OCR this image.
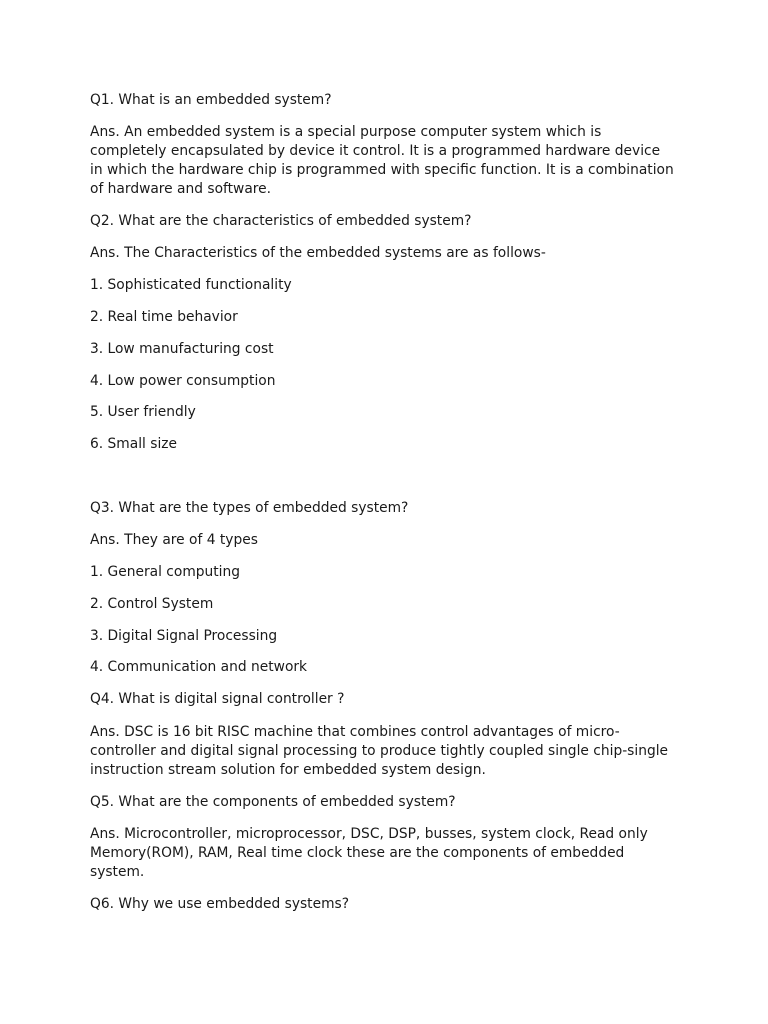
Q1. What is an embedded system?

Ans. An embedded system is a special purpose computer system which is
completely encapsulated by device it control. It is a programmed hardware device
in which the hardware chip is programmed with specific function. It is a combination
of hardware and software.

Q2. What are the characteristics of embedded system?

Ans. The Characteristics of the embedded systems are as follows-

1. Sophisticated functionality

2. Real time behavior

3. Low manufacturing cost

4. Low power consumption

5. User friendly

6. Small size

Q3. What are the types of embedded system?

Ans. They are of 4 types

1. General computing

2. Control System

3. Digital Signal Processing

4. Communication and network

Q4. What is digital signal controller ?

Ans. DSC is 16 bit RISC machine that combines control advantages of micro-
controller and digital signal processing to produce tightly coupled single chip-single
instruction stream solution for embedded system design.

Q5. What are the components of embedded system?

Ans. Microcontroller, microprocessor, DSC, DSP, busses, system clock, Read only
Memory(ROM), RAM, Real time clock these are the components of embedded
system.

Q6. Why we use embedded systems?
